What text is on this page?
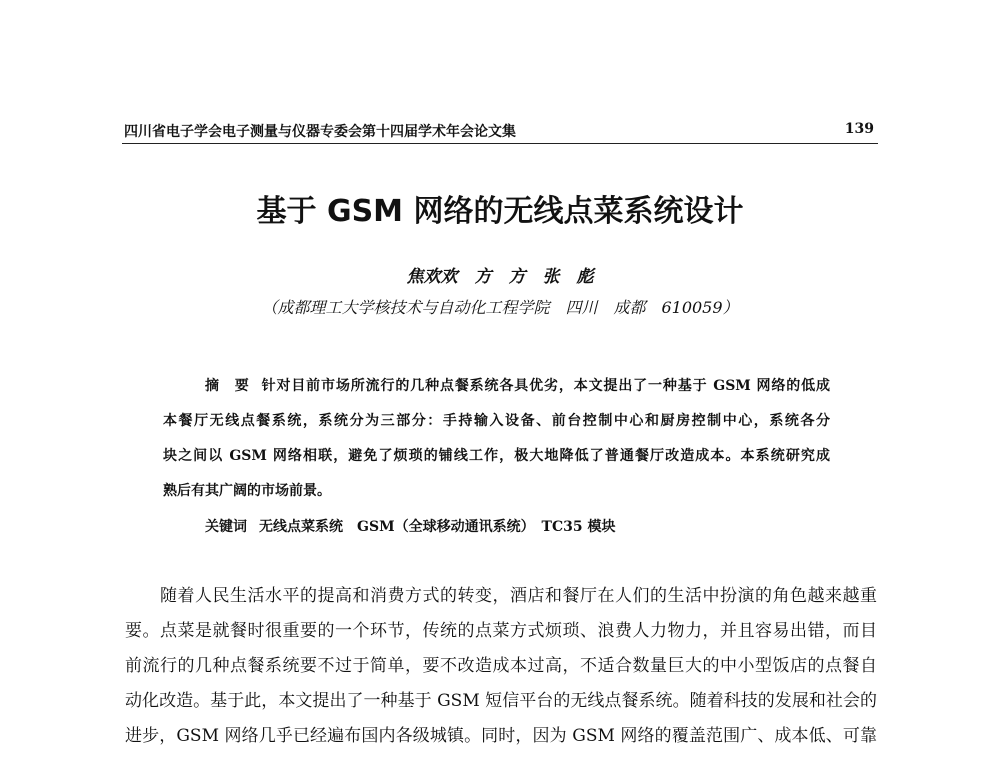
四川省电子学会电子测量与仪器专委会第十四届学术年会论文集	139
基于 GSM 网络的无线点菜系统设计
焦欢欢　方　方　张　彪
（成都理工大学核技术与自动化工程学院　四川　成都　610059）
摘　要 针对目前市场所流行的几种点餐系统各具优劣，本文提出了一种基于 GSM 网络的低成
本餐厅无线点餐系统，系统分为三部分：手持输入设备、前台控制中心和厨房控制中心，系统各分
块之间以 GSM 网络相联，避免了烦琐的铺线工作，极大地降低了普通餐厅改造成本。本系统研究成
熟后有其广阔的市场前景。
关键词 无线点菜系统　GSM（全球移动通讯系统）　TC35 模块
随着人民生活水平的提高和消费方式的转变，酒店和餐厅在人们的生活中扮演的角色越来越重
要。点菜是就餐时很重要的一个环节，传统的点菜方式烦琐、浪费人力物力，并且容易出错，而目
前流行的几种点餐系统要不过于简单，要不改造成本过高，不适合数量巨大的中小型饭店的点餐自
动化改造。基于此，本文提出了一种基于 GSM 短信平台的无线点餐系统。随着科技的发展和社会的
进步，GSM 网络几乎已经遍布国内各级城镇。同时，因为 GSM 网络的覆盖范围广、成本低、可靠
